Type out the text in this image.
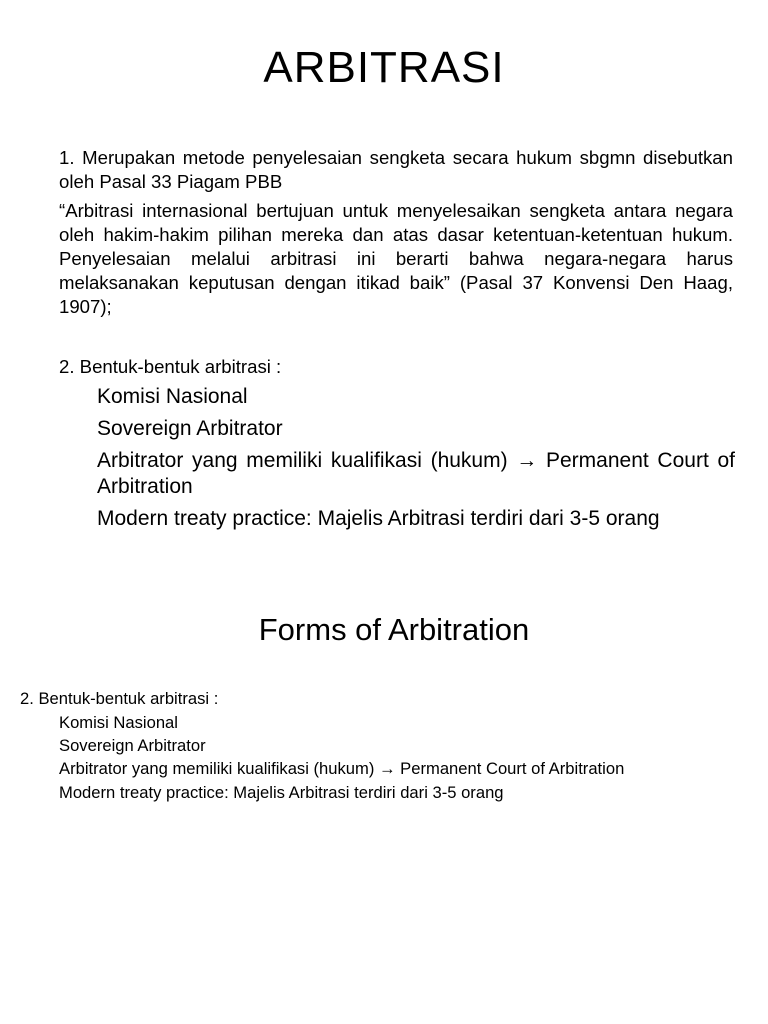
ARBITRASI
1. Merupakan metode penyelesaian sengketa secara hukum sbgmn disebutkan oleh Pasal 33 Piagam PBB
“Arbitrasi internasional bertujuan untuk menyelesaikan sengketa antara negara oleh hakim-hakim pilihan mereka dan atas dasar ketentuan-ketentuan hukum. Penyelesaian melalui arbitrasi ini berarti bahwa negara-negara harus melaksanakan keputusan dengan itikad baik” (Pasal 37 Konvensi Den Haag, 1907);
2. Bentuk-bentuk arbitrasi :
Komisi Nasional
Sovereign Arbitrator
Arbitrator yang memiliki kualifikasi (hukum) → Permanent Court of Arbitration
Modern treaty practice: Majelis Arbitrasi terdiri dari 3-5 orang
Forms of Arbitration
2. Bentuk-bentuk arbitrasi :
Komisi Nasional
Sovereign Arbitrator
Arbitrator yang memiliki kualifikasi (hukum) → Permanent Court of Arbitration
Modern treaty practice: Majelis Arbitrasi terdiri dari 3-5 orang
